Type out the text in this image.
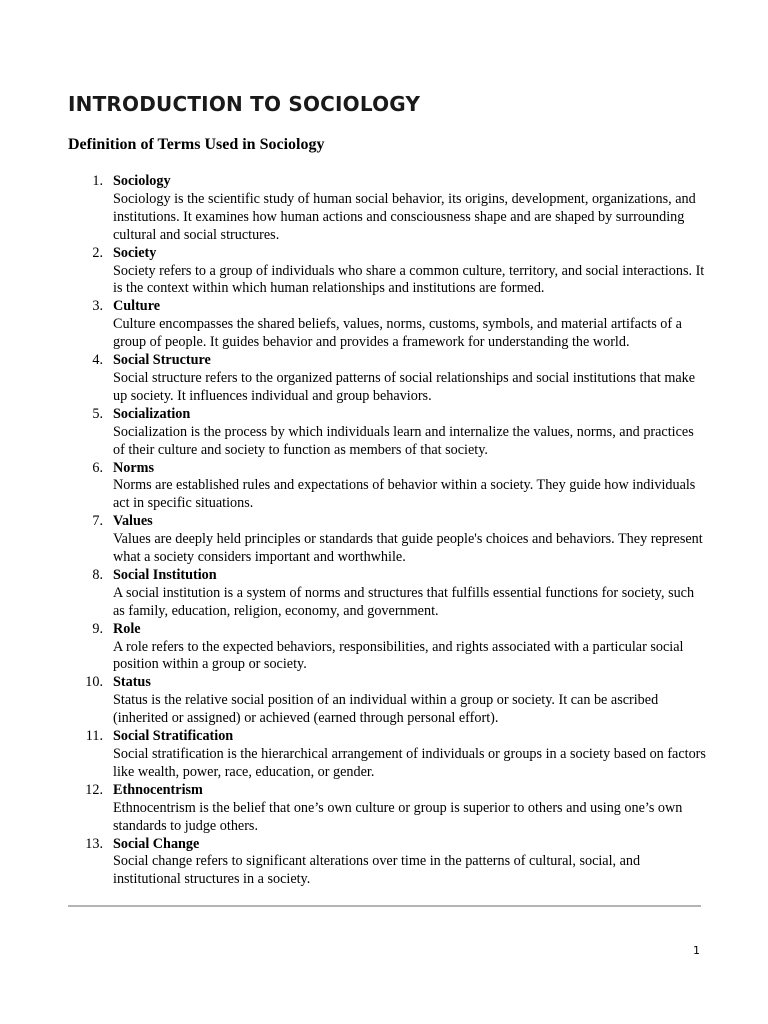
INTRODUCTION TO SOCIOLOGY
Definition of Terms Used in Sociology
1. Sociology
Sociology is the scientific study of human social behavior, its origins, development, organizations, and institutions. It examines how human actions and consciousness shape and are shaped by surrounding cultural and social structures.
2. Society
Society refers to a group of individuals who share a common culture, territory, and social interactions. It is the context within which human relationships and institutions are formed.
3. Culture
Culture encompasses the shared beliefs, values, norms, customs, symbols, and material artifacts of a group of people. It guides behavior and provides a framework for understanding the world.
4. Social Structure
Social structure refers to the organized patterns of social relationships and social institutions that make up society. It influences individual and group behaviors.
5. Socialization
Socialization is the process by which individuals learn and internalize the values, norms, and practices of their culture and society to function as members of that society.
6. Norms
Norms are established rules and expectations of behavior within a society. They guide how individuals act in specific situations.
7. Values
Values are deeply held principles or standards that guide people's choices and behaviors. They represent what a society considers important and worthwhile.
8. Social Institution
A social institution is a system of norms and structures that fulfills essential functions for society, such as family, education, religion, economy, and government.
9. Role
A role refers to the expected behaviors, responsibilities, and rights associated with a particular social position within a group or society.
10. Status
Status is the relative social position of an individual within a group or society. It can be ascribed (inherited or assigned) or achieved (earned through personal effort).
11. Social Stratification
Social stratification is the hierarchical arrangement of individuals or groups in a society based on factors like wealth, power, race, education, or gender.
12. Ethnocentrism
Ethnocentrism is the belief that one’s own culture or group is superior to others and using one’s own standards to judge others.
13. Social Change
Social change refers to significant alterations over time in the patterns of cultural, social, and institutional structures in a society.
1
